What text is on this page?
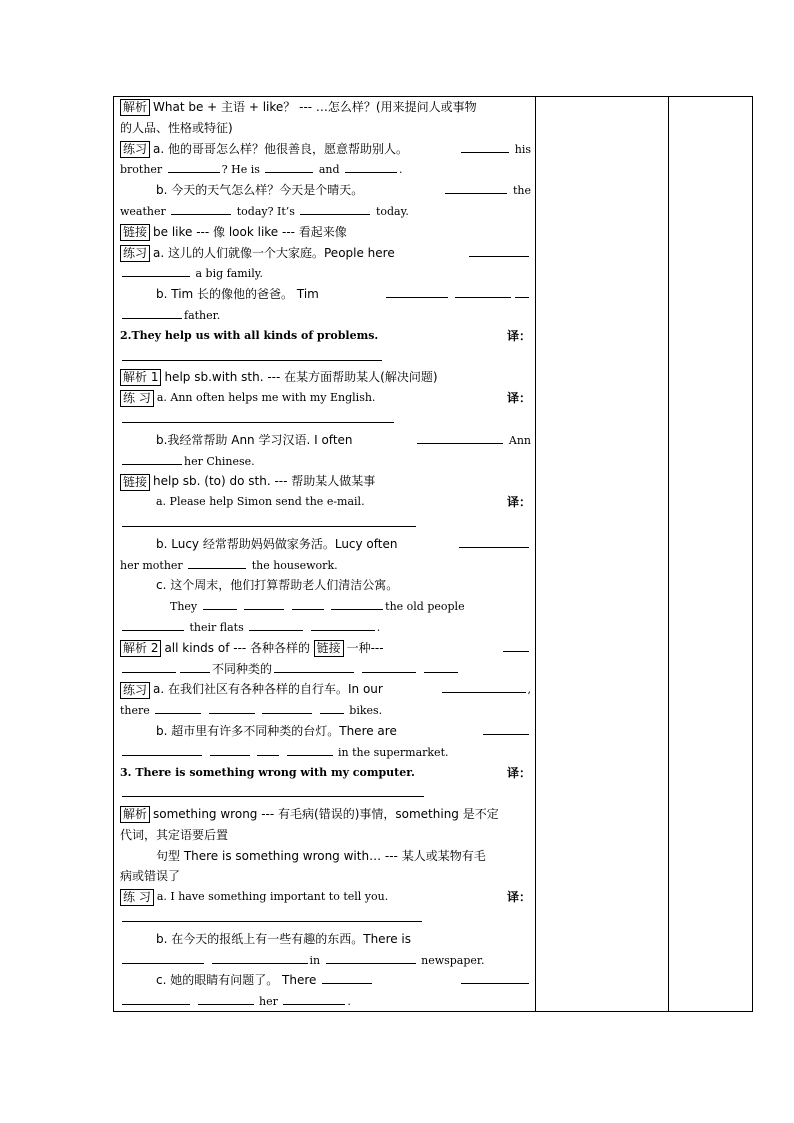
解析 What be + 主语 + like？ --- …怎么样？(用来提问人或事物
的人品、性格或特征)
练习 a. 他的哥哥怎么样？他很善良，愿意帮助别人。	his
brother	? He is	and	.
b. 今天的天气怎么样？今天是个晴天。	the
weather	today? It’s	today.
链接 be like --- 像 look like --- 看起来像
练习 a. 这儿的人们就像一个大家庭。People here
a big family.
b. Tim 长的像他的爸爸。 Tim

father.
2.They help us with all kinds of problems.	译：
解析 1 help sb.with sth. --- 在某方面帮助某人(解决问题)
练 习 a. Ann often helps me with my English.	译：
b.我经常帮助 Ann 学习汉语. I often	Ann
her Chinese.
链接 help sb. (to) do sth. --- 帮助某人做某事
a. Please help Simon send the e-mail.	译：
b. Lucy 经常帮助妈妈做家务活。Lucy often
her mother	the housework.
c. 这个周末，他们打算帮助老人们清洁公寓。
They	the old people
their flats	.
解析 2 all kinds of --- 各种各样的 链接 一种---
不同种类的
练习 a. 在我们社区有各种各样的自行车。In our	,
there	bikes.
b. 超市里有许多不同种类的台灯。There are
in the supermarket.
3. There is something wrong with my computer.	译：
解析 something wrong --- 有毛病(错误的)事情，something 是不定
代词，其定语要后置
句型 There is something wrong with… --- 某人或某物有毛
病或错误了
练 习 a. I have something important to tell you.	译：
b. 在今天的报纸上有一些有趣的东西。There is
in	newspaper.
c. 她的眼睛有问题了。 There
her	.
